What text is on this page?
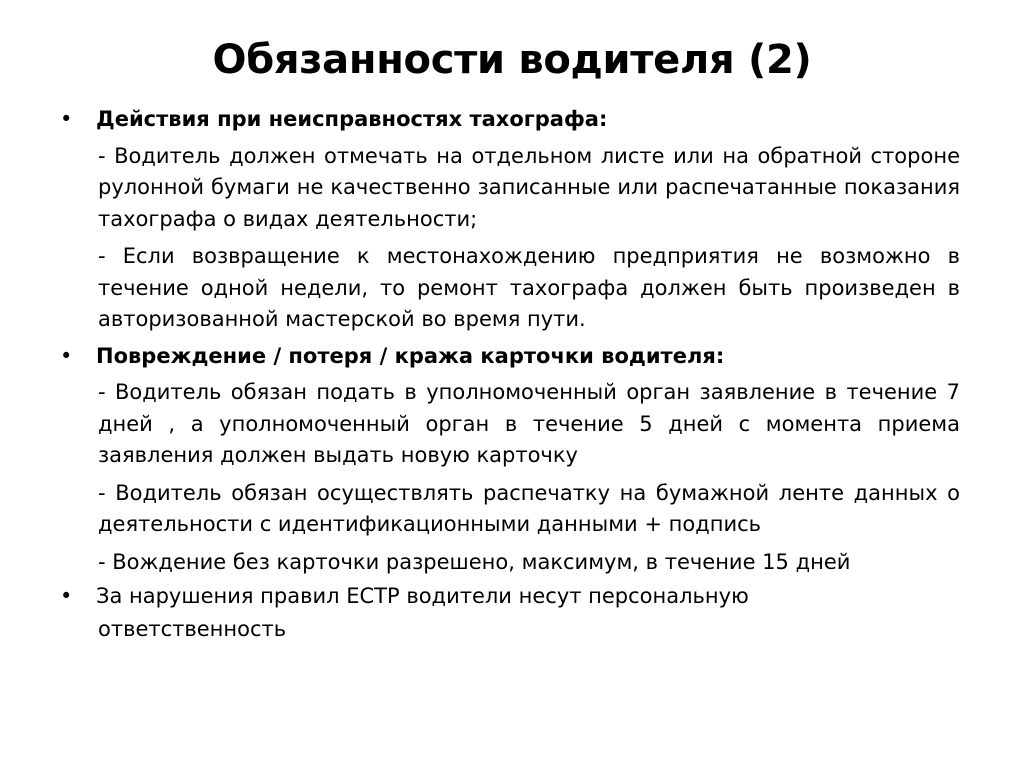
Обязанности водителя (2)
•	Действия при неисправностях тахографа:
- Водитель должен отмечать на отдельном листе или на обратной стороне рулонной бумаги не качественно записанные или распечатанные показания тахографа о видах деятельности;
- Если возвращение к местонахождению предприятия не возможно в течение одной недели, то ремонт тахографа должен быть произведен в авторизованной мастерской во время пути.
•	Повреждение / потеря / кража карточки водителя:
- Водитель обязан подать в уполномоченный орган заявление в течение 7 дней , а уполномоченный орган в течение 5 дней с момента приема заявления должен выдать новую карточку
- Водитель обязан осуществлять распечатку на бумажной ленте данных о деятельности с идентификационными данными + подпись
- Вождение без карточки разрешено, максимум, в течение 15 дней
•	За нарушения правил ЕСТР водители несут персональную
ответственность
